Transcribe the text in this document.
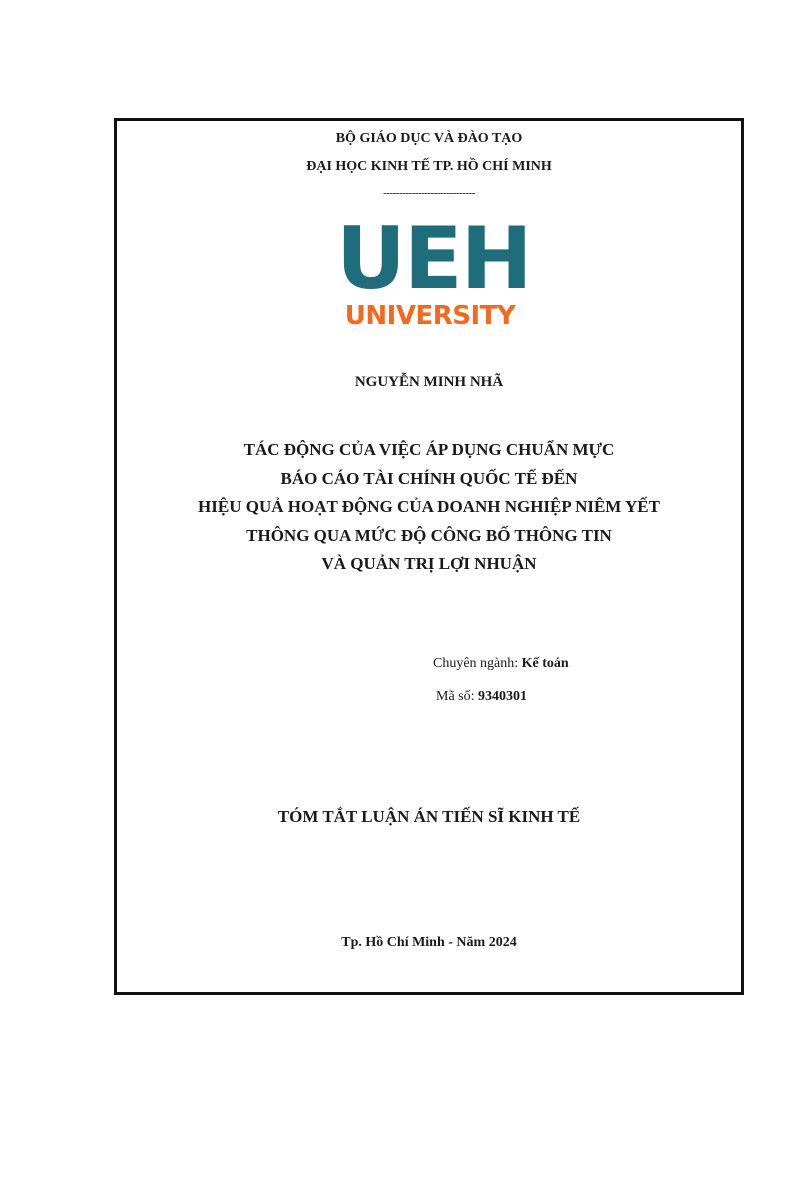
BỘ GIÁO DỤC VÀ ĐÀO TẠO
ĐẠI HỌC KINH TẾ TP. HỒ CHÍ MINH
-----------------------------
UEH
UNIVERSITY
NGUYỄN MINH NHÃ
TÁC ĐỘNG CỦA VIỆC ÁP DỤNG CHUẨN MỰC
BÁO CÁO TÀI CHÍNH QUỐC TẾ ĐẾN
HIỆU QUẢ HOẠT ĐỘNG CỦA DOANH NGHIỆP NIÊM YẾT
THÔNG QUA MỨC ĐỘ CÔNG BỐ THÔNG TIN
VÀ QUẢN TRỊ LỢI NHUẬN
Chuyên ngành: Kế toán
Mã số: 9340301
TÓM TẮT LUẬN ÁN TIẾN SĨ KINH TẾ
Tp. Hồ Chí Minh - Năm 2024
